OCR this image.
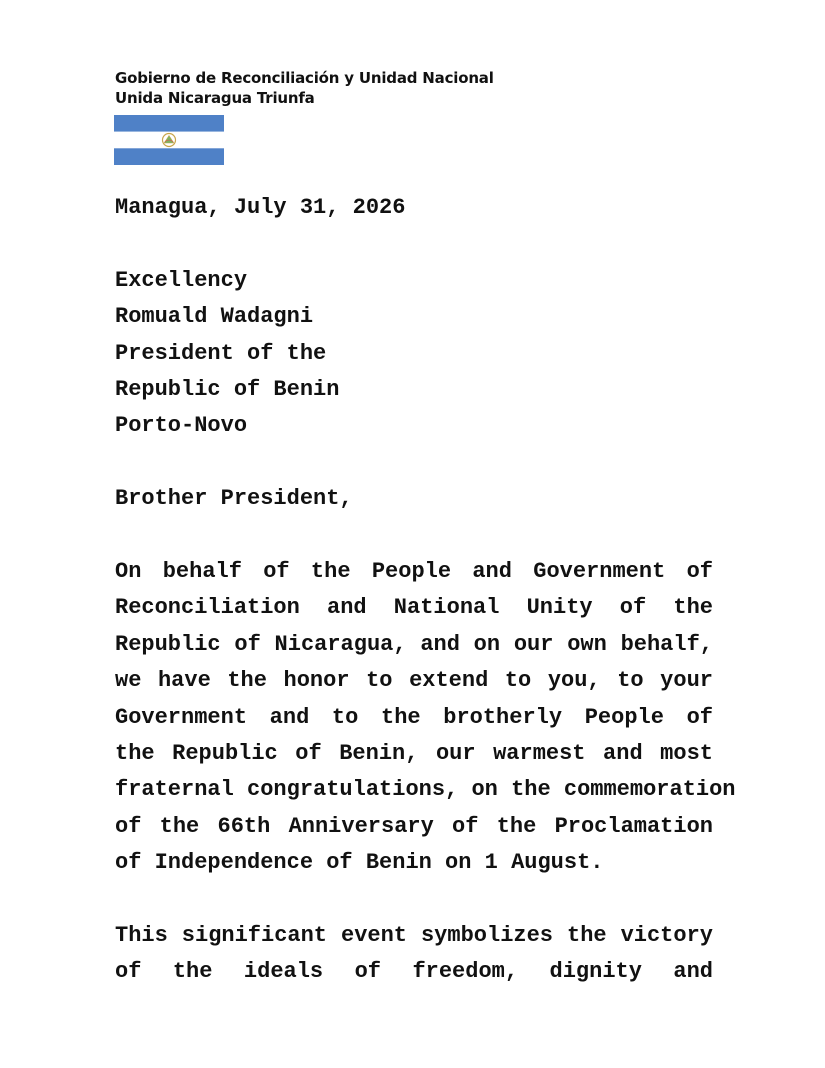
Gobierno de Reconciliación y Unidad Nacional
Unida Nicaragua Triunfa

Managua, July 31, 2026

Excellency

Romuald Wadagni

President of the

Republic of Benin

Porto-Novo

Brother President,

On behalf of the People and Government of
Reconciliation and National Unity of the
Republic of Nicaragua, and on our own behalf,
we have the honor to extend to you, to your
Government and to the brotherly People of
the Republic of Benin, our warmest and most
fraternal congratulations, on the commemoration
of the 66th Anniversary of the Proclamation
of Independence of Benin on 1 August.
This significant event symbolizes the victory
of the ideals of freedom, dignity and
